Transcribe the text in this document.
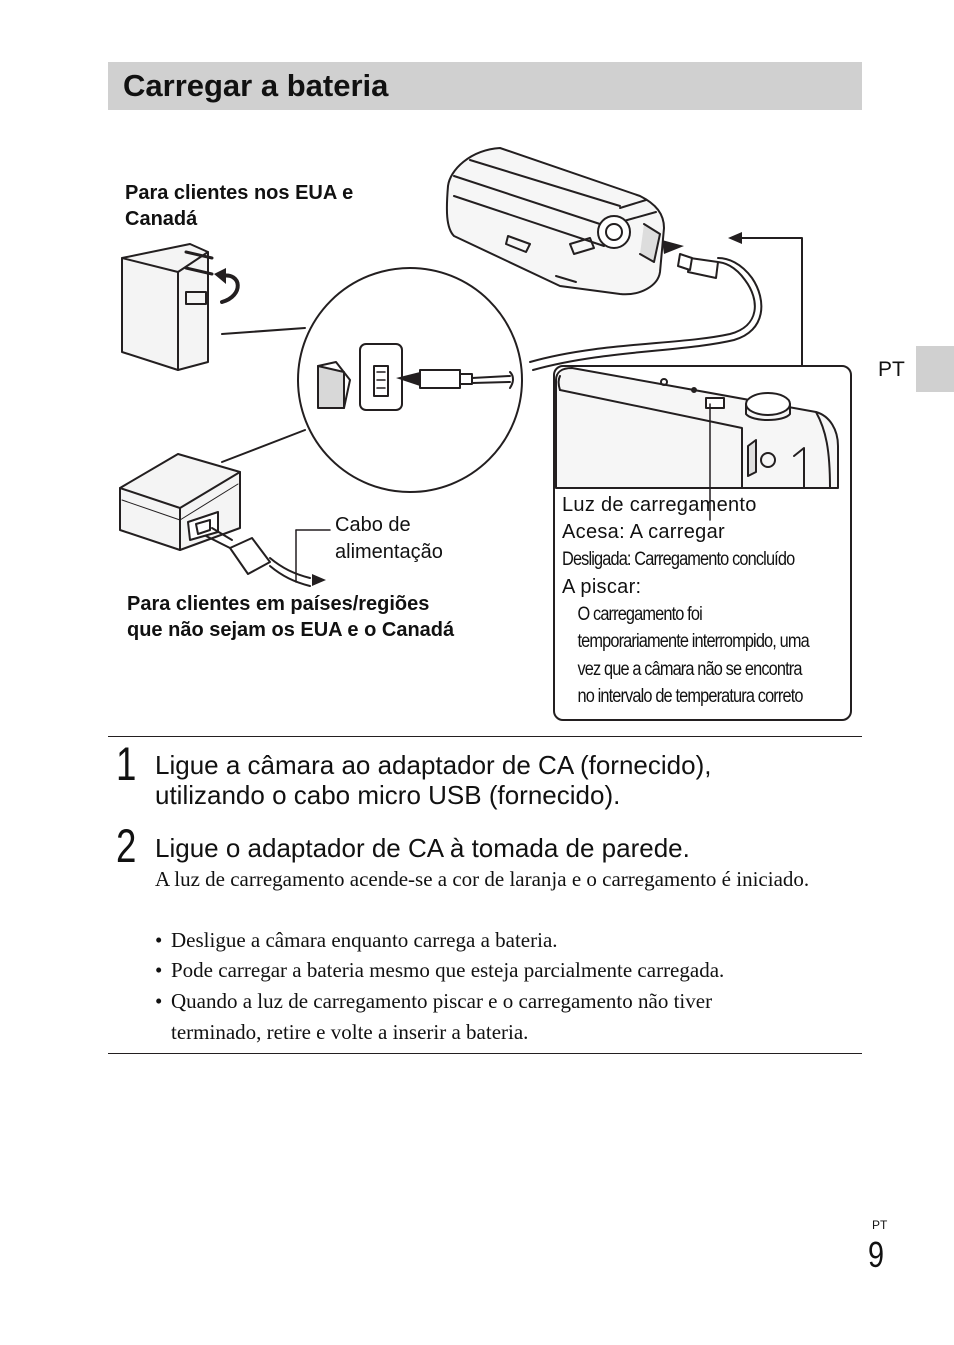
Carregar a bateria
PT
Para clientes nos EUA e
Canadá
Cabo de
alimentação
Para clientes em países/regiões
que não sejam os EUA e o Canadá
Luz de carregamento
Acesa: A carregar
Desligada: Carregamento concluído
A piscar:
O carregamento foi
temporariamente interrompido, uma
vez que a câmara não se encontra
no intervalo de temperatura correto
1 Ligue a câmara ao adaptador de CA (fornecido),
utilizando o cabo micro USB (fornecido).
2 Ligue o adaptador de CA à tomada de parede.
A luz de carregamento acende-se a cor de laranja e o carregamento é iniciado.
• Desligue a câmara enquanto carrega a bateria.
• Pode carregar a bateria mesmo que esteja parcialmente carregada.
• Quando a luz de carregamento piscar e o carregamento não tiver terminado, retire e volte a inserir a bateria.
PT
9
